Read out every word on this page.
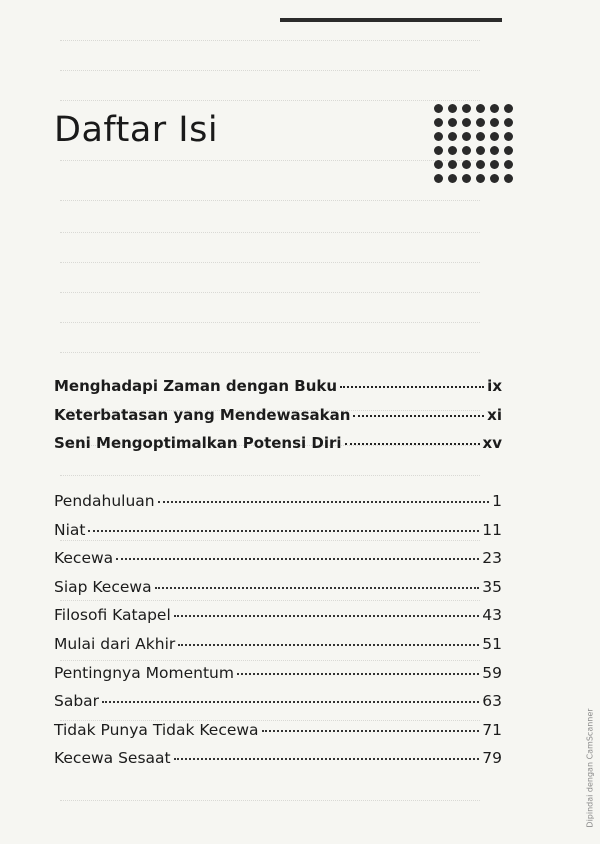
Daftar Isi
Menghadapi Zaman dengan Buku	ix
Keterbatasan yang Mendewasakan	xi
Seni Mengoptimalkan Potensi Diri	xv
Pendahuluan	1
Niat	11
Kecewa	23
Siap Kecewa	35
Filosofi Katapel	43
Mulai dari Akhir	51
Pentingnya Momentum	59
Sabar	63
Tidak Punya Tidak Kecewa	71
Kecewa Sesaat	79	Dipindai dengan CamScanner
